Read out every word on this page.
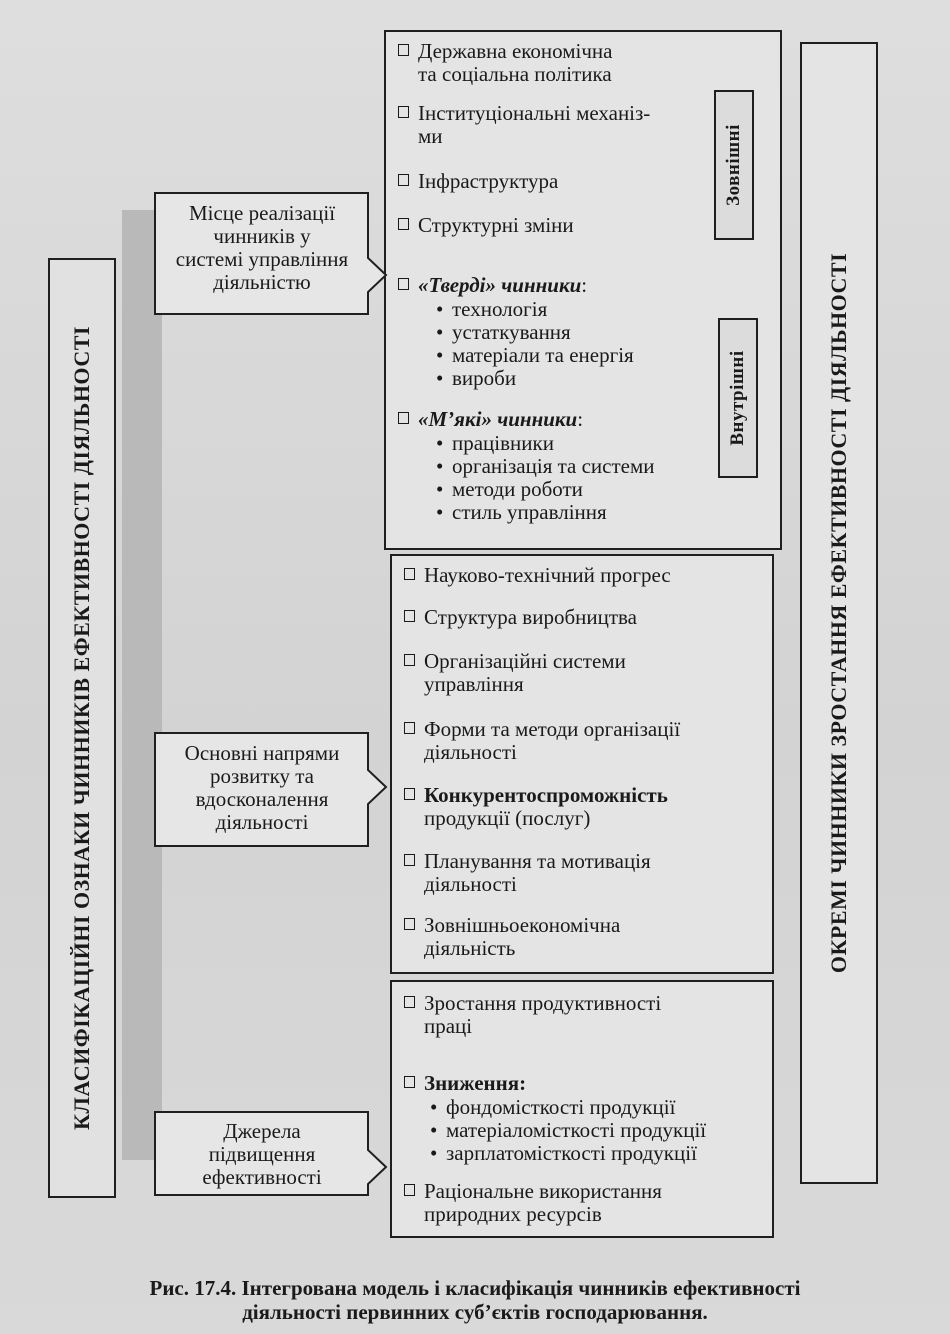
КЛАСИФІКАЦІЙНІ ОЗНАКИ ЧИННИКІВ ЕФЕКТИВНОСТІ ДІЯЛЬНОСТІ	ОКРЕМІ ЧИННИКИ ЗРОСТАННЯ ЕФЕКТИВНОСТІ ДІЯЛЬНОСТІ
Зовнішні
Внутрішні
Державна економічна
та соціальна політика
Інституціональні механіз-
ми
Інфраструктура
Структурні зміни
«Тверді» чинники:
• технологія
• устаткування
• матеріали та енергія
• вироби
«М’які» чинники:
• працівники
• організація та системи
• методи роботи
• стиль управління
Науково-технічний прогрес
Структура виробництва
Організаційні системи
управління
Форми та методи організації
діяльності
Конкурентоспроможність
продукції (послуг)
Планування та мотивація
діяльності
Зовнішньоекономічна
діяльність
Зростання продуктивності
праці
Зниження:
• фондомісткості продукції
• матеріаломісткості продукції
• зарплатомісткості продукції
Раціональне використання
природних ресурсів
Місце реалізації
чинників у
системі управління
діяльністю
Основні напрями
розвитку та
вдосконалення
діяльності
Джерела
підвищення
ефективності
Рис. 17.4. Інтегрована модель і класифікація чинників ефективності
діяльності первинних суб’єктів господарювання.
